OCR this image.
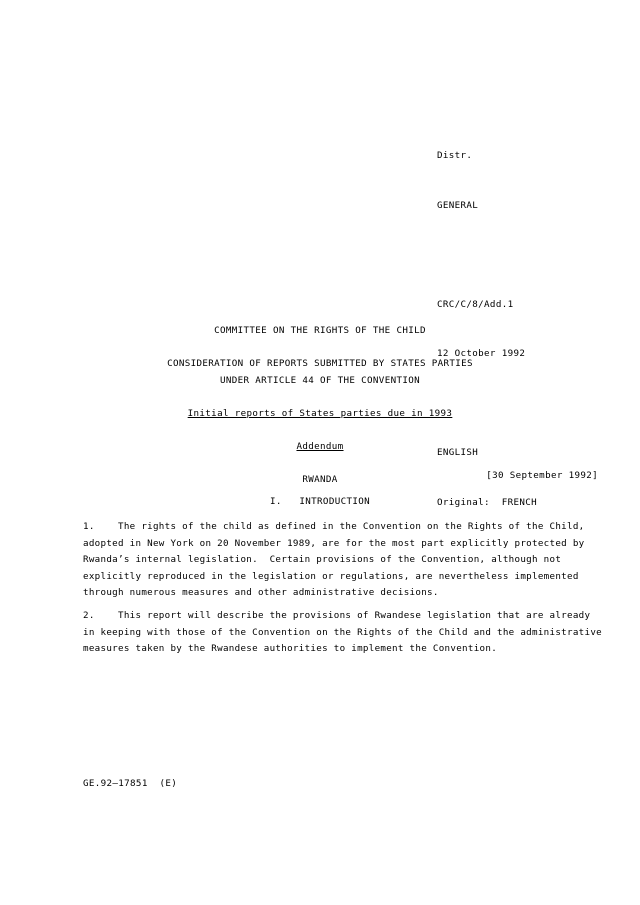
Distr.

GENERAL

CRC/C/8/Add.1

12 October 1992

ENGLISH

Original:  FRENCH

COMMITTEE ON THE RIGHTS OF THE CHILD
CONSIDERATION OF REPORTS SUBMITTED BY STATES PARTIES
UNDER ARTICLE 44 OF THE CONVENTION
Initial reports of States parties due in 1993
Addendum
RWANDA	[30 September 1992]
I.   INTRODUCTION
1.    The rights of the child as defined in the Convention on the Rights of the Child, adopted in New York on 20 November 1989, are for the most part explicitly protected by Rwanda’s internal legislation.  Certain provisions of the Convention, although not explicitly reproduced in the legislation or regulations, are nevertheless implemented through numerous measures and other administrative decisions.
2.    This report will describe the provisions of Rwandese legislation that are already in keeping with those of the Convention on the Rights of the Child and the administrative measures taken by the Rwandese authorities to implement the Convention.
GE.92–17851  (E)
